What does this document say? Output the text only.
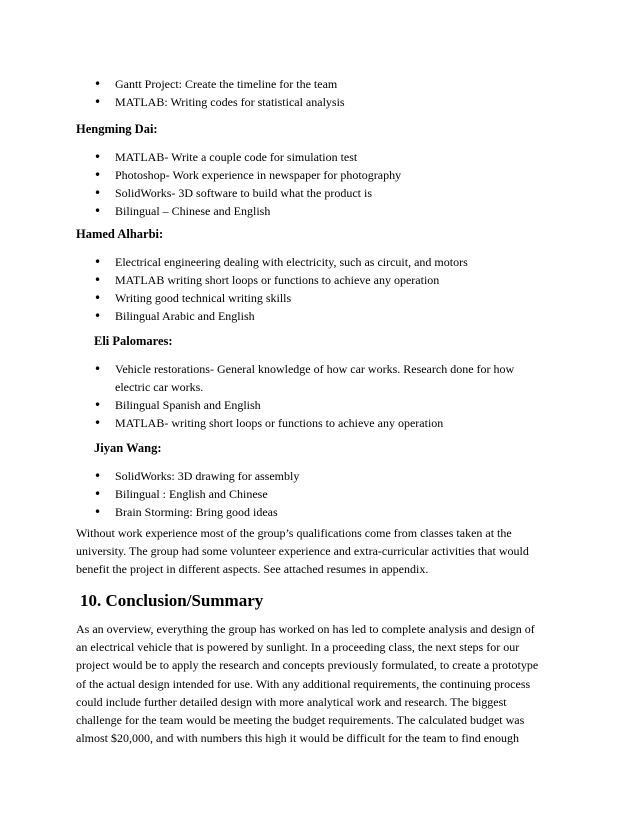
• Gantt Project: Create the timeline for the team
• MATLAB: Writing codes for statistical analysis
Hengming Dai:
• MATLAB- Write a couple code for simulation test
• Photoshop- Work experience in newspaper for photography
• SolidWorks- 3D software to build what the product is
• Bilingual – Chinese and English
Hamed Alharbi:
• Electrical engineering dealing with electricity, such as circuit, and motors
• MATLAB writing short loops or functions to achieve any operation
• Writing good technical writing skills
• Bilingual Arabic and English
Eli Palomares:
• Vehicle restorations- General knowledge of how car works. Research done for how
electric car works.
• Bilingual Spanish and English
• MATLAB- writing short loops or functions to achieve any operation
Jiyan Wang:
• SolidWorks: 3D drawing for assembly
• Bilingual : English and Chinese
• Brain Storming: Bring good ideas
Without work experience most of the group’s qualifications come from classes taken at the
university. The group had some volunteer experience and extra-curricular activities that would
benefit the project in different aspects. See attached resumes in appendix.
10. Conclusion/Summary
As an overview, everything the group has worked on has led to complete analysis and design of
an electrical vehicle that is powered by sunlight. In a proceeding class, the next steps for our
project would be to apply the research and concepts previously formulated, to create a prototype
of the actual design intended for use. With any additional requirements, the continuing process
could include further detailed design with more analytical work and research. The biggest
challenge for the team would be meeting the budget requirements. The calculated budget was
almost $20,000, and with numbers this high it would be difficult for the team to find enough
